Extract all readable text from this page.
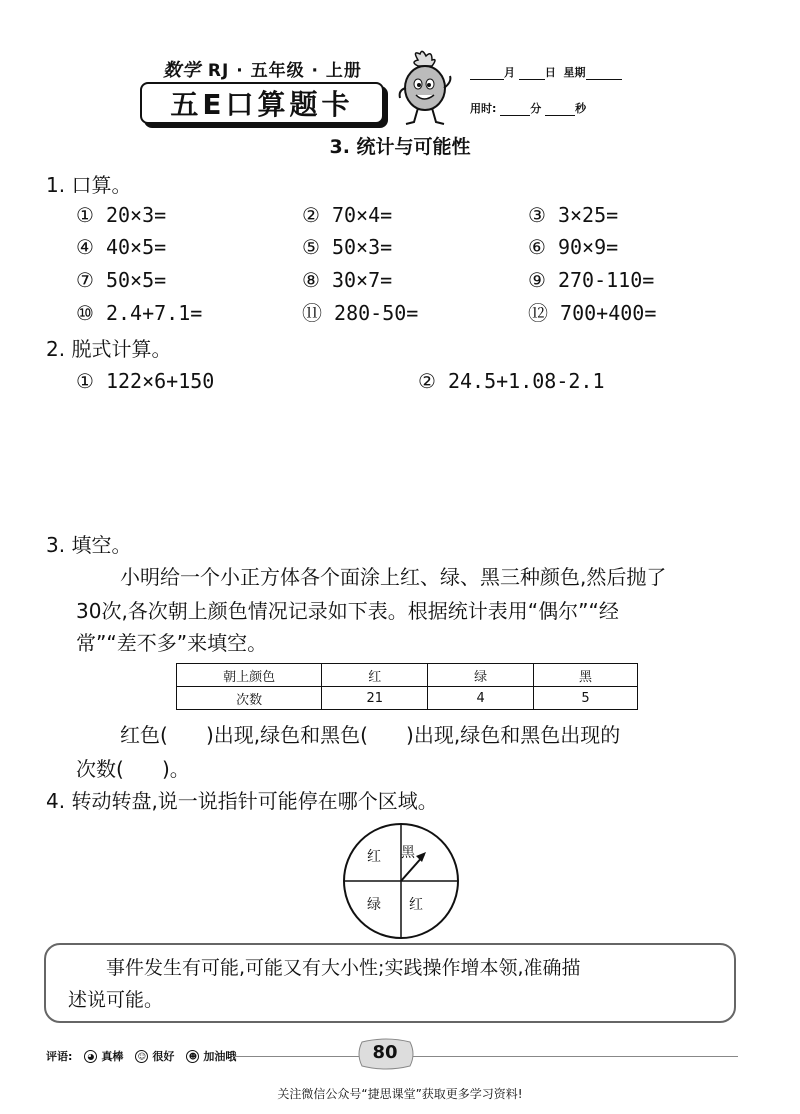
数学 RJ · 五年级 · 上册
五E口算题卡
月	日 星期
用时:	分	秒
3. 统计与可能性
1. 口算。
① 20×3=	② 70×4=	③ 3×25=
④ 40×5=	⑤ 50×3=	⑥ 90×9=
⑦ 50×5=	⑧ 30×7=	⑨ 270-110=
⑩ 2.4+7.1=	⑪ 280-50=	⑫ 700+400=
2. 脱式计算。
① 122×6+150	② 24.5+1.08-2.1
3. 填空。
小明给一个小正方体各个面涂上红、绿、黑三种颜色,然后抛了
30次,各次朝上颜色情况记录如下表。根据统计表用“偶尔”“经
常”“差不多”来填空。
朝上颜色	红	绿	黑
次数	21	4	5
红色(      )出现,绿色和黑色(      )出现,绿色和黑色出现的
次数(      )。
4. 转动转盘,说一说指针可能停在哪个区域。
红 黑
绿 红
事件发生有可能,可能又有大小性;实践操作增本领,准确描
述说可能。
评语:	◕ 真棒 ☺ 很好 ☻ 加油哦	80
关注微信公众号“捷思课堂”获取更多学习资料!
